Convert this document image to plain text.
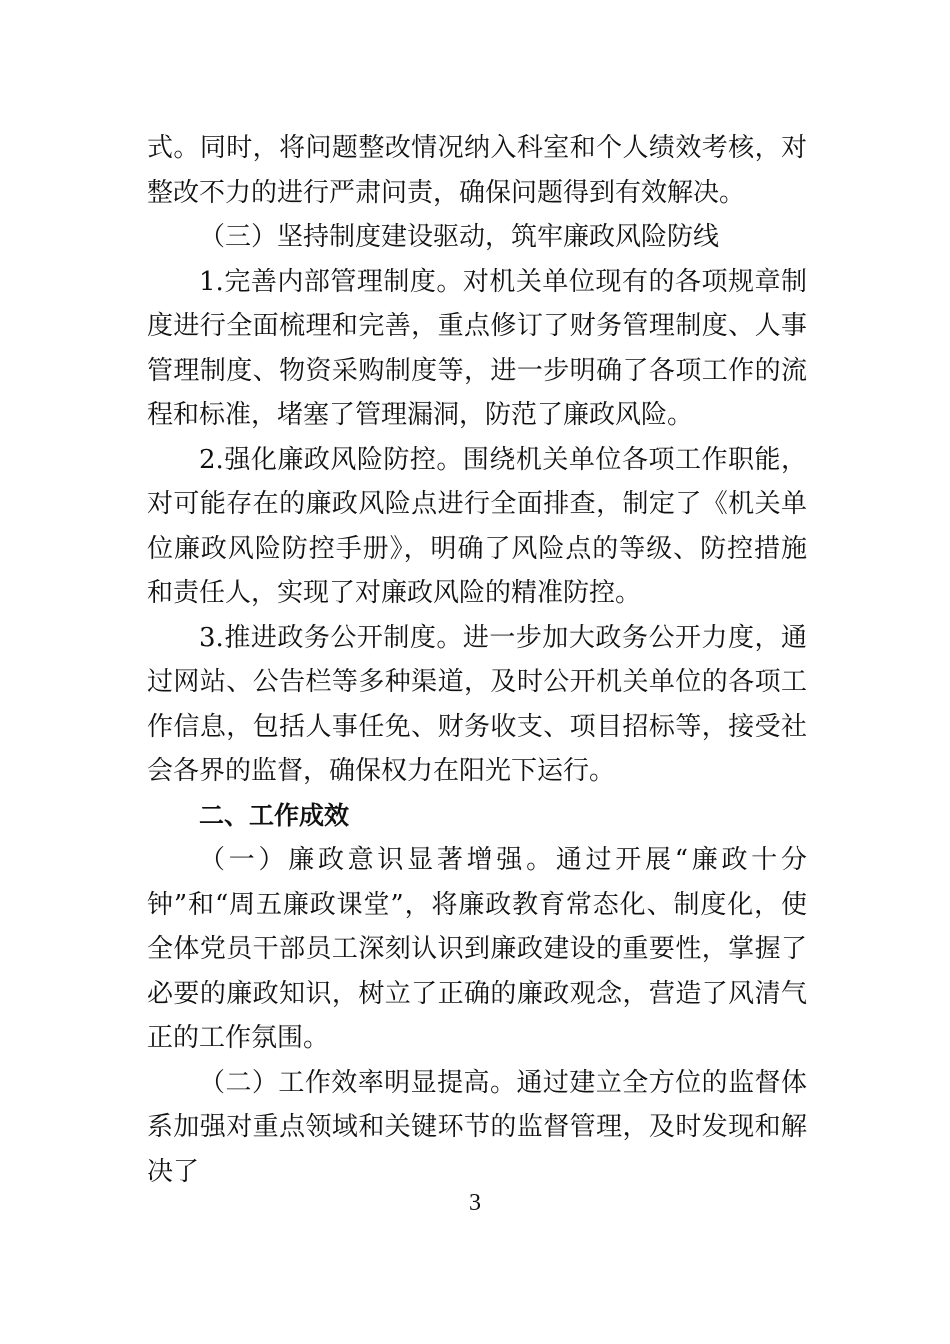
式。同时，将问题整改情况纳入科室和个人绩效考核，对整改不力的进行严肃问责，确保问题得到有效解决。

（三）坚持制度建设驱动，筑牢廉政风险防线

1.完善内部管理制度。对机关单位现有的各项规章制度进行全面梳理和完善，重点修订了财务管理制度、人事管理制度、物资采购制度等，进一步明确了各项工作的流程和标准，堵塞了管理漏洞，防范了廉政风险。

2.强化廉政风险防控。围绕机关单位各项工作职能，对可能存在的廉政风险点进行全面排查，制定了《机关单位廉政风险防控手册》，明确了风险点的等级、防控措施和责任人，实现了对廉政风险的精准防控。

3.推进政务公开制度。进一步加大政务公开力度，通过网站、公告栏等多种渠道，及时公开机关单位的各项工作信息，包括人事任免、财务收支、项目招标等，接受社会各界的监督，确保权力在阳光下运行。

二、工作成效

（一）廉政意识显著增强。通过开展“廉政十分钟”和“周五廉政课堂”，将廉政教育常态化、制度化，使全体党员干部员工深刻认识到廉政建设的重要性，掌握了必要的廉政知识，树立了正确的廉政观念，营造了风清气正的工作氛围。

（二）工作效率明显提高。通过建立全方位的监督体系加强对重点领域和关键环节的监督管理，及时发现和解决了

3
